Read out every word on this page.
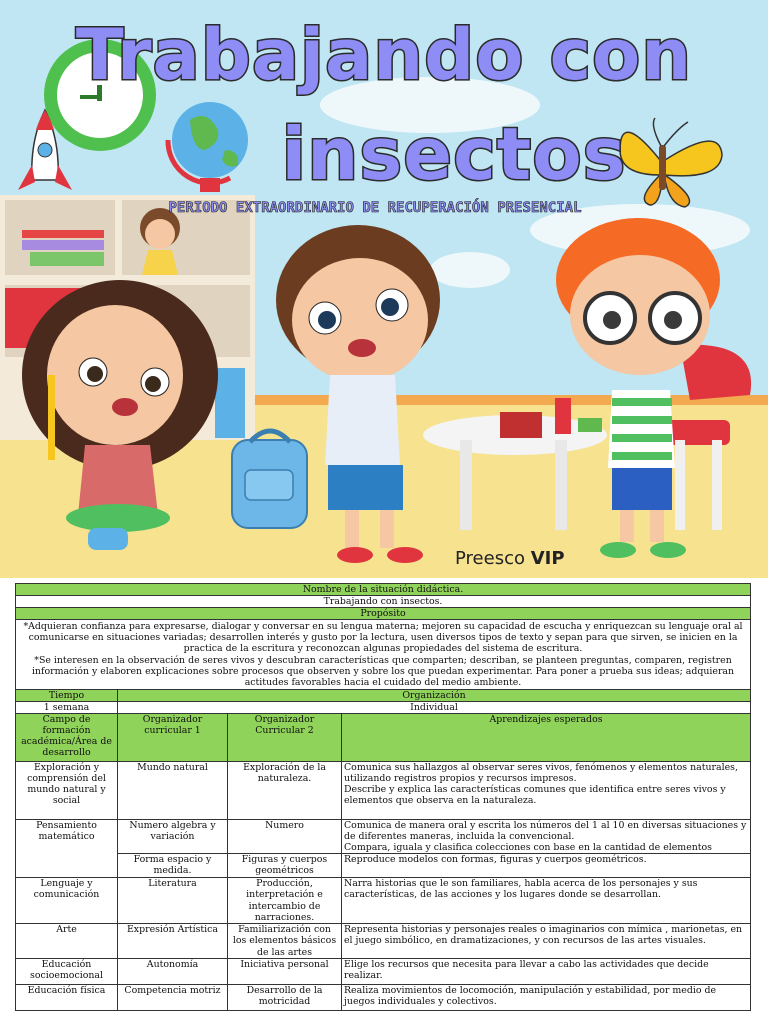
Trabajando con
insectos
PERIODO EXTRAORDINARIO DE RECUPERACIÓN PRESENCIAL
Preesco VIP
Nombre de la situación didáctica.			
Trabajando con insectos.			
Propósito			

*Adquieran confianza para expresarse, dialogar y conversar en su lengua materna; mejoren su capacidad de escucha y enriquezcan su lenguaje oral al comunicarse en situaciones variadas; desarrollen interés y gusto por la lectura, usen diversos tipos de texto y sepan para que sirven, se inicien en la practica de la escritura y reconozcan algunas propiedades del sistema de escritura.

*Se interesen en la observación de seres vivos y descubran características que comparten; describan, se planteen preguntas, comparen, registren información y elaboren explicaciones sobre procesos que observen y sobre los que puedan experimentar. Para poner a prueba sus ideas; adquieran actitudes favorables hacia el cuidado del medio ambiente.			

Tiempo	Organización		
1 semana	Individual		
Campo de formación académica/Área de desarrollo	Organizador curricular 1	Organizador Curricular 2	Aprendizajes esperados
Exploración y comprensión del mundo natural y social	Mundo natural	Exploración de la naturaleza.	Comunica sus hallazgos al observar seres vivos, fenómenos y elementos naturales, utilizando registros propios y recursos impresos.
Describe y explica las características comunes que identifica entre seres vivos y elementos que observa en la naturaleza.
Pensamiento matemático	Numero algebra y variación	Numero	Comunica de manera oral y escrita los números del 1 al 10 en diversas situaciones y de diferentes maneras, incluida la convencional.
Compara, iguala y clasifica colecciones con base en la cantidad de elementos
	Forma espacio y medida.	Figuras y cuerpos geométricos	Reproduce modelos con formas, figuras y cuerpos geométricos.
Lenguaje y comunicación	Literatura	Producción, interpretación e intercambio de narraciones.	Narra historias que le son familiares, habla acerca de los personajes y sus características, de las acciones y los lugares donde se desarrollan.
Arte	Expresión Artística	Familiarización con los elementos básicos de las artes	Representa historias y personajes reales o imaginarios con mímica , marionetas, en el juego simbólico, en dramatizaciones, y con recursos de las artes visuales.
Educación socioemocional	Autonomía	Iniciativa personal	Elige los recursos que necesita para llevar a cabo las actividades que decide realizar.
Educación física	Competencia motriz	Desarrollo de la motricidad	Realiza movimientos de locomoción, manipulación y estabilidad, por medio de juegos individuales y colectivos.
